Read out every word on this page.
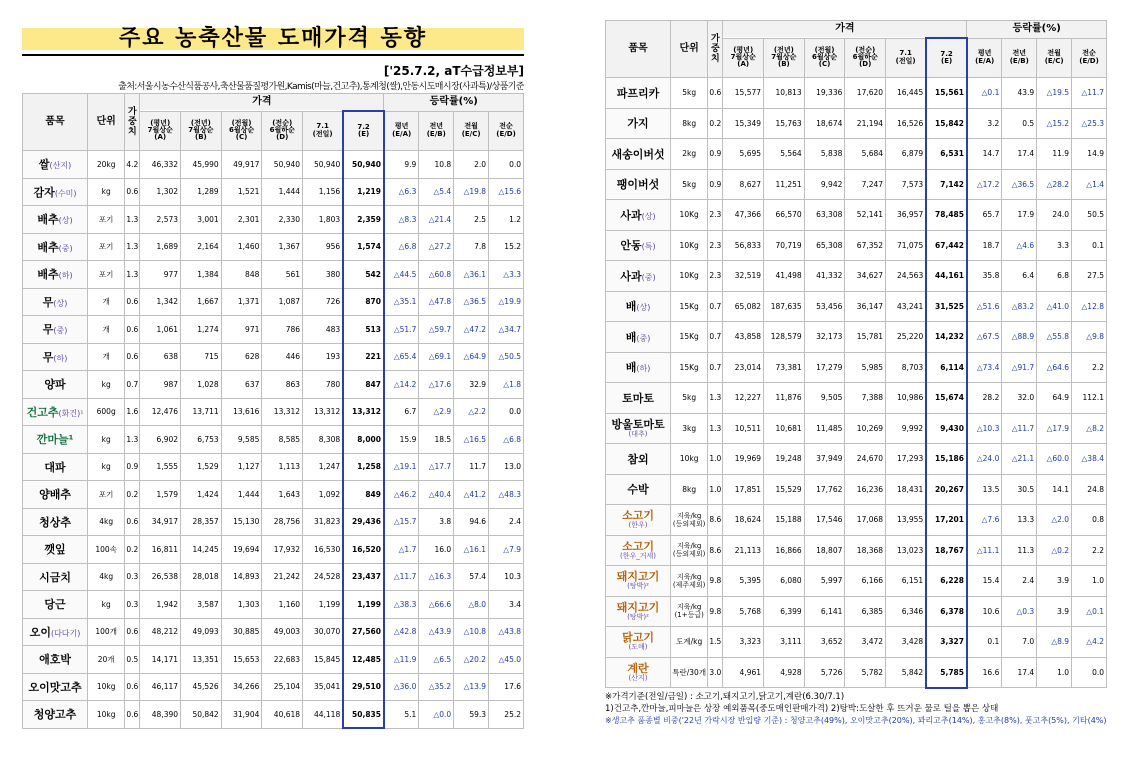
주요 농축산물 도매가격 동향
['25.7.2, aT수급정보부]
출처:서울시농수산식품공사,축산물품질평가원,Kamis(마늘,건고추),통계청(쌀),안동시도매시장(사과특)/상품기준
품목	단위	가
중
치	가격						등락률(%)			
			(평년)
7월상순
(A)	(전년)
7월상순
(B)	(전월)
6월상순
(C)	(전순)
6월하순
(D)	7.1
(전일)	7.2
(E)	평년
(E/A)	전년
(E/B)	전월
(E/C)	전순
(E/D)
쌀(산지)	20kg	4.2	46,332	45,990	49,917	50,940	50,940	50,940	9.9	10.8	2.0	0.0
감자(수미)	kg	0.6	1,302	1,289	1,521	1,444	1,156	1,219	△6.3	△5.4	△19.8	△15.6
배추(상)	포기	1.3	2,573	3,001	2,301	2,330	1,803	2,359	△8.3	△21.4	2.5	1.2
배추(중)	포기	1.3	1,689	2,164	1,460	1,367	956	1,574	△6.8	△27.2	7.8	15.2
배추(하)	포기	1.3	977	1,384	848	561	380	542	△44.5	△60.8	△36.1	△3.3
무(상)	개	0.6	1,342	1,667	1,371	1,087	726	870	△35.1	△47.8	△36.5	△19.9
무(중)	개	0.6	1,061	1,274	971	786	483	513	△51.7	△59.7	△47.2	△34.7
무(하)	개	0.6	638	715	628	446	193	221	△65.4	△69.1	△64.9	△50.5
양파	kg	0.7	987	1,028	637	863	780	847	△14.2	△17.6	32.9	△1.8
건고추(화건)¹	600g	1.6	12,476	13,711	13,616	13,312	13,312	13,312	6.7	△2.9	△2.2	0.0
깐마늘¹	kg	1.3	6,902	6,753	9,585	8,585	8,308	8,000	15.9	18.5	△16.5	△6.8
대파	kg	0.9	1,555	1,529	1,127	1,113	1,247	1,258	△19.1	△17.7	11.7	13.0
양배추	포기	0.2	1,579	1,424	1,444	1,643	1,092	849	△46.2	△40.4	△41.2	△48.3
청상추	4kg	0.6	34,917	28,357	15,130	28,756	31,823	29,436	△15.7	3.8	94.6	2.4
깻잎	100속	0.2	16,811	14,245	19,694	17,932	16,530	16,520	△1.7	16.0	△16.1	△7.9
시금치	4kg	0.3	26,538	28,018	14,893	21,242	24,528	23,437	△11.7	△16.3	57.4	10.3
당근	kg	0.3	1,942	3,587	1,303	1,160	1,199	1,199	△38.3	△66.6	△8.0	3.4
오이(다다기)	100개	0.6	48,212	49,093	30,885	49,003	30,070	27,560	△42.8	△43.9	△10.8	△43.8
애호박	20개	0.5	14,171	13,351	15,653	22,683	15,845	12,485	△11.9	△6.5	△20.2	△45.0
오이맛고추	10kg	0.6	46,117	45,526	34,266	25,104	35,041	29,510	△36.0	△35.2	△13.9	17.6
청양고추	10kg	0.6	48,390	50,842	31,904	40,618	44,118	50,835	5.1	△0.0	59.3	25.2
품목	단위	가
중
치	가격						등락률(%)			
			(평년)
7월상순
(A)	(전년)
7월상순
(B)	(전월)
6월상순
(C)	(전순)
6월하순
(D)	7.1
(전일)	7.2
(E)	평년
(E/A)	전년
(E/B)	전월
(E/C)	전순
(E/D)
파프리카	5kg	0.6	15,577	10,813	19,336	17,620	16,445	15,561	△0.1	43.9	△19.5	△11.7
가지	8kg	0.2	15,349	15,763	18,674	21,194	16,526	15,842	3.2	0.5	△15.2	△25.3
새송이버섯	2kg	0.9	5,695	5,564	5,838	5,684	6,879	6,531	14.7	17.4	11.9	14.9
팽이버섯	5kg	0.9	8,627	11,251	9,942	7,247	7,573	7,142	△17.2	△36.5	△28.2	△1.4
사과(상)	10Kg	2.3	47,366	66,570	63,308	52,141	36,957	78,485	65.7	17.9	24.0	50.5
안동(특)	10Kg	2.3	56,833	70,719	65,308	67,352	71,075	67,442	18.7	△4.6	3.3	0.1
사과(중)	10Kg	2.3	32,519	41,498	41,332	34,627	24,563	44,161	35.8	6.4	6.8	27.5
배(상)	15Kg	0.7	65,082	187,635	53,456	36,147	43,241	31,525	△51.6	△83.2	△41.0	△12.8
배(중)	15Kg	0.7	43,858	128,579	32,173	15,781	25,220	14,232	△67.5	△88.9	△55.8	△9.8
배(하)	15Kg	0.7	23,014	73,381	17,279	5,985	8,703	6,114	△73.4	△91.7	△64.6	2.2
토마토	5kg	1.3	12,227	11,876	9,505	7,388	10,986	15,674	28.2	32.0	64.9	112.1

방울토마토
(대추)	3kg	1.3	10,511	10,681	11,485	10,269	9,992	9,430	△10.3	△11.7	△17.9	△8.2
참외	10kg	1.0	19,969	19,248	37,949	24,670	17,293	15,186	△24.0	△21.1	△60.0	△38.4
수박	8kg	1.0	17,851	15,529	17,762	16,236	18,431	20,267	13.5	30.5	14.1	24.8

소고기
(한우)	지육/kg
(등외제외)	8.6	18,624	15,188	17,546	17,068	13,955	17,201	△7.6	13.3	△2.0	0.8

소고기
(한우_거세)	지육/kg
(등외제외)	8.6	21,113	16,866	18,807	18,368	13,023	18,767	△11.1	11.3	△0.2	2.2

돼지고기
(탕박)²	지육/kg
(제주제외)	9.8	5,395	6,080	5,997	6,166	6,151	6,228	15.4	2.4	3.9	1.0

돼지고기
(탕박)²	지육/kg
(1+등급)	9.8	5,768	6,399	6,141	6,385	6,346	6,378	10.6	△0.3	3.9	△0.1

닭고기
(도매)	도계/kg	1.5	3,323	3,111	3,652	3,472	3,428	3,327	0.1	7.0	△8.9	△4.2

계란
(산지)	특란/30개	3.0	4,961	4,928	5,726	5,782	5,842	5,785	16.6	17.4	1.0	0.0
※가격기준(전일/금일) : 소고기,돼지고기,닭고기,계란(6.30/7.1)
1)건고추,깐마늘,피마늘은 상장 예외품목(중도매인판매가격) 2)탕박:도살한 후 뜨거운 물로 털을 뽑은 상태
※생고추 품종별 비중('22년 가락시장 반입량 기준) : 청양고추(49%), 오이맛고추(20%), 꽈리고추(14%), 홍고추(8%), 풋고추(5%), 기타(4%)
